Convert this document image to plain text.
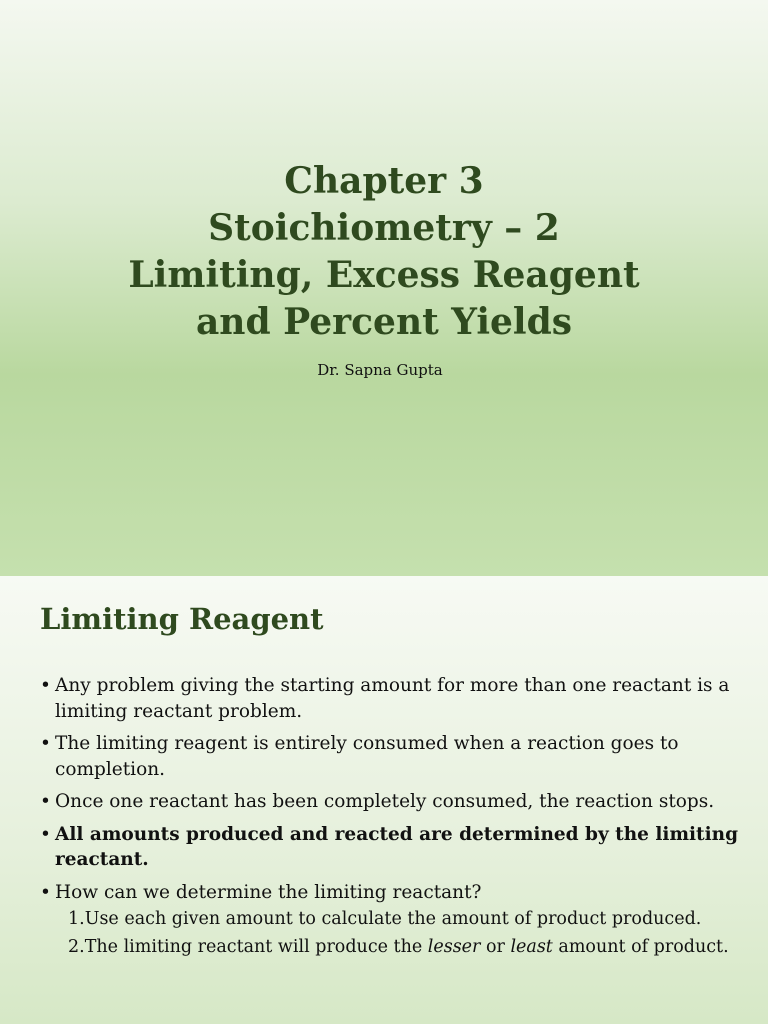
Chapter 3
Stoichiometry – 2
Limiting, Excess Reagent
and Percent Yields
Dr. Sapna Gupta
Limiting Reagent
• Any problem giving the starting amount for more than one reactant is a limiting reactant problem.
• The limiting reagent is entirely consumed when a reaction goes to completion.
• Once one reactant has been completely consumed, the reaction stops.
• All amounts produced and reacted are determined by the limiting reactant.
• How can we determine the limiting reactant?
1. Use each given amount to calculate the amount of product produced.
2. The limiting reactant will produce the lesser or least amount of product.
